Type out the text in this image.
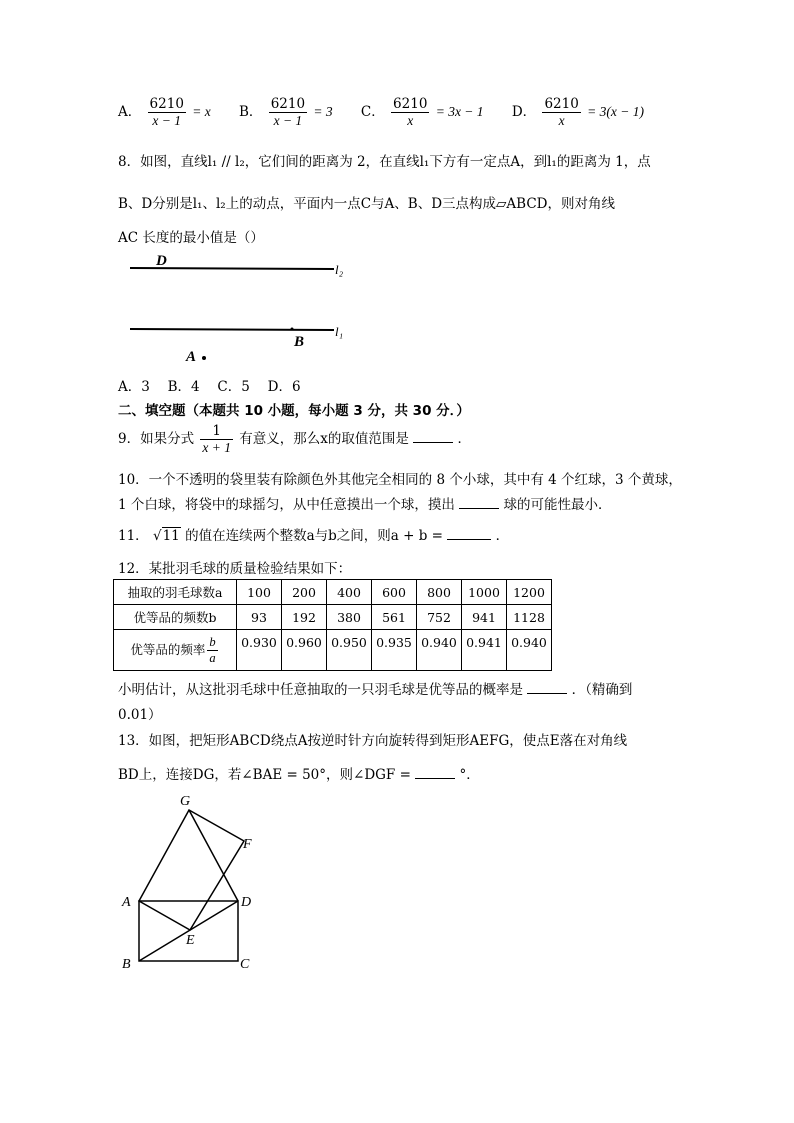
A． $\frac{6210}{x - 1} = x$ B． $\frac{6210}{x - 1} = 3$ C． $\frac{6210}{x} = 3x - 1$ D． $\frac{6210}{x} = 3(x - 1)$
8．如图，直线l₁ // l₂，它们间的距离为 2，在直线l₁下方有一定点A，到l₁的距离为 1，点
B、D分别是l₁、l₂上的动点，平面内一点C与A、B、D三点构成▱ABCD，则对角线
AC 长度的最小值是（）
D
l₂
l₁
B
A
A．3　 B．4　 C．5　 D．6
二、填空题（本题共 10 小题，每小题 3 分，共 30 分．）
9．如果分式 $\frac{1}{x + 1}$ 有意义，那么x的取值范围是	．
10．一个不透明的袋里装有除颜色外其他完全相同的 8 个小球，其中有 4 个红球，3 个黄球，
1 个白球，将袋中的球摇匀，从中任意摸出一个球，摸出	球的可能性最小．
11． √11 的值在连续两个整数a与b之间，则a + b =	．
12．某批羽毛球的质量检验结果如下：
抽取的羽毛球数a	100	200	400	600	800	1000	1200
优等品的频数b	93	192	380	561	752	941	1128
优等品的频率 $\frac{b}{a}$	0.930	0.960	0.950	0.935	0.940	0.941	0.940
小明估计，从这批羽毛球中任意抽取的一只羽毛球是优等品的概率是	．（精确到
0.01）
13．如图，把矩形ABCD绕点A按逆时针方向旋转得到矩形AEFG，使点E落在对角线
BD上，连接DG，若∠BAE = 50°，则∠DGF =	°．
G
F
A	D
E
B	C
